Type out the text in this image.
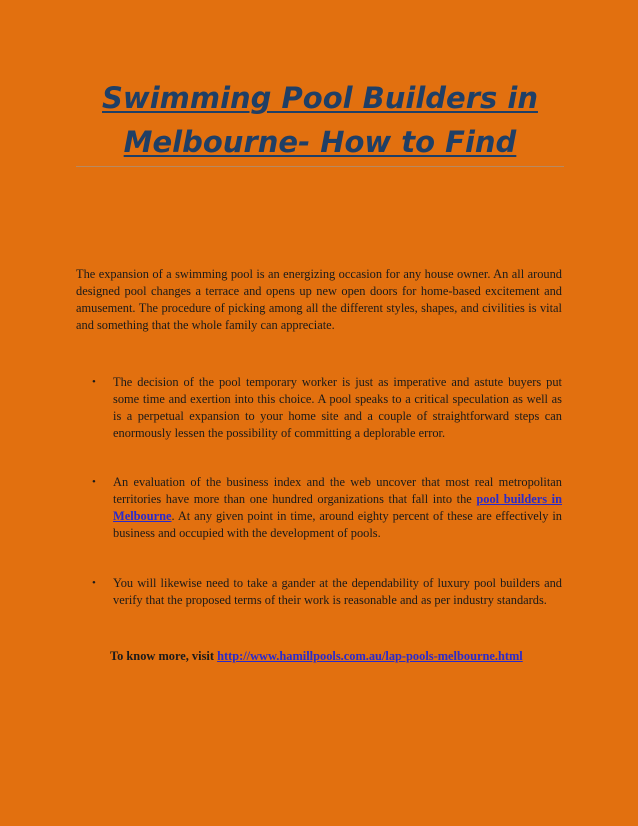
Swimming Pool Builders in
Melbourne- How to Find

The expansion of a swimming pool is an energizing occasion for any house owner. An all around designed pool changes a terrace and opens up new open doors for home-based excitement and amusement. The procedure of picking among all the different styles, shapes, and civilities is vital and something that the whole family can appreciate.

• The decision of the pool temporary worker is just as imperative and astute buyers put some time and exertion into this choice. A pool speaks to a critical speculation as well as is a perpetual expansion to your home site and a couple of straightforward steps can enormously lessen the possibility of committing a deplorable error.

• An evaluation of the business index and the web uncover that most real metropolitan territories have more than one hundred organizations that fall into the pool builders in Melbourne. At any given point in time, around eighty percent of these are effectively in business and occupied with the development of pools.

• You will likewise need to take a gander at the dependability of luxury pool builders and verify that the proposed terms of their work is reasonable and as per industry standards.

To know more, visit http://www.hamillpools.com.au/lap-pools-melbourne.html
